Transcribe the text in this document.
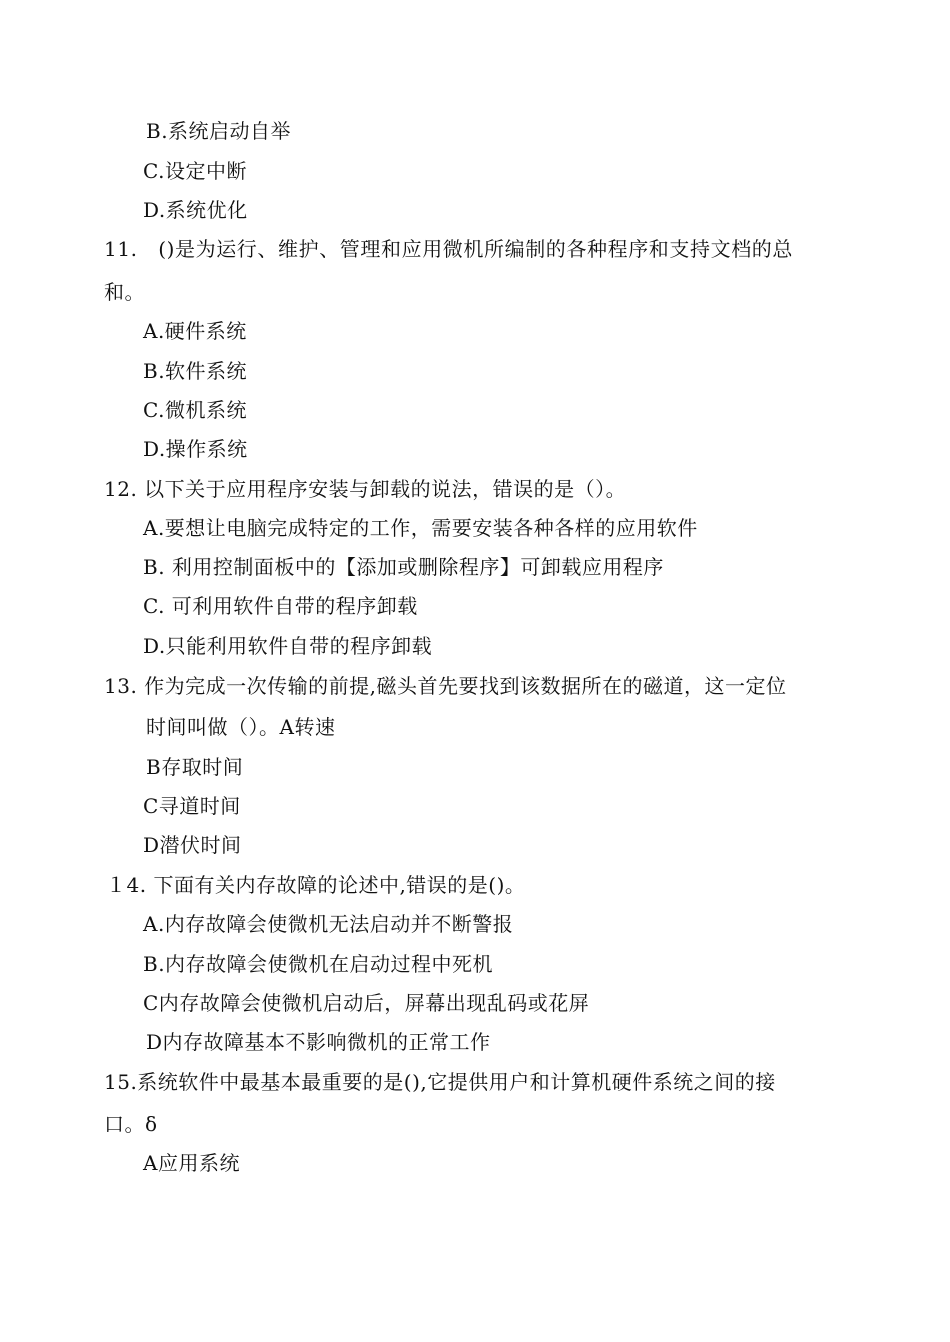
B.系统启动自举
C.设定中断
D.系统优化
11.　()是为运行、维护、管理和应用微机所编制的各种程序和支持文档的总
和。
A.硬件系统
B.软件系统
C.微机系统
D.操作系统
12. 以下关于应用程序安装与卸载的说法，错误的是（）。
A.要想让电脑完成特定的工作，需要安装各种各样的应用软件
B. 利用控制面板中的【添加或删除程序】可卸载应用程序
C. 可利用软件自带的程序卸载
D.只能利用软件自带的程序卸载
13. 作为完成一次传输的前提,磁头首先要找到该数据所在的磁道，这一定位
时间叫做（）。A转速
B存取时间
C寻道时间
D潜伏时间
１4. 下面有关内存故障的论述中,错误的是()。
A.内存故障会使微机无法启动并不断警报
B.内存故障会使微机在启动过程中死机
C内存故障会使微机启动后，屏幕出现乱码或花屏
D内存故障基本不影响微机的正常工作
15.系统软件中最基本最重要的是(),它提供用户和计算机硬件系统之间的接
口。δ
A应用系统
